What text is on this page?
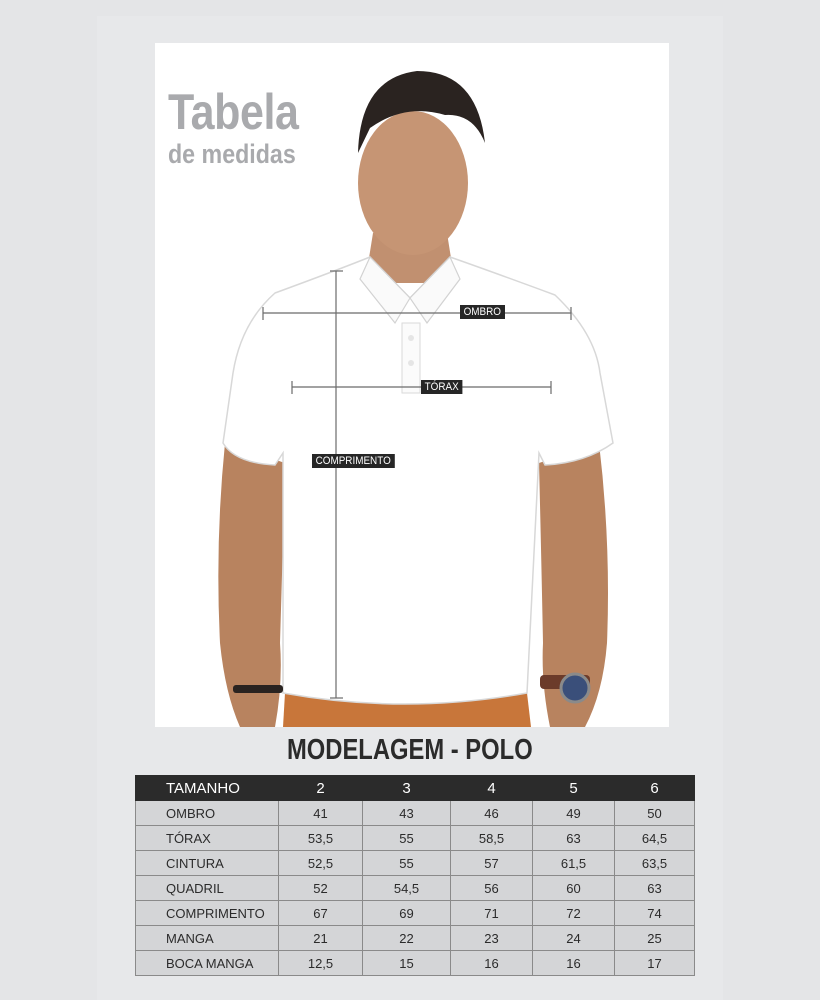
Tabela
de medidas
OMBRO
TÓRAX
COMPRIMENTO
MODELAGEM - POLO
TAMANHO	2	3	4	5	6
OMBRO	41	43	46	49	50
TÓRAX	53,5	55	58,5	63	64,5
CINTURA	52,5	55	57	61,5	63,5
QUADRIL	52	54,5	56	60	63
COMPRIMENTO	67	69	71	72	74
MANGA	21	22	23	24	25
BOCA MANGA	12,5	15	16	16	17
